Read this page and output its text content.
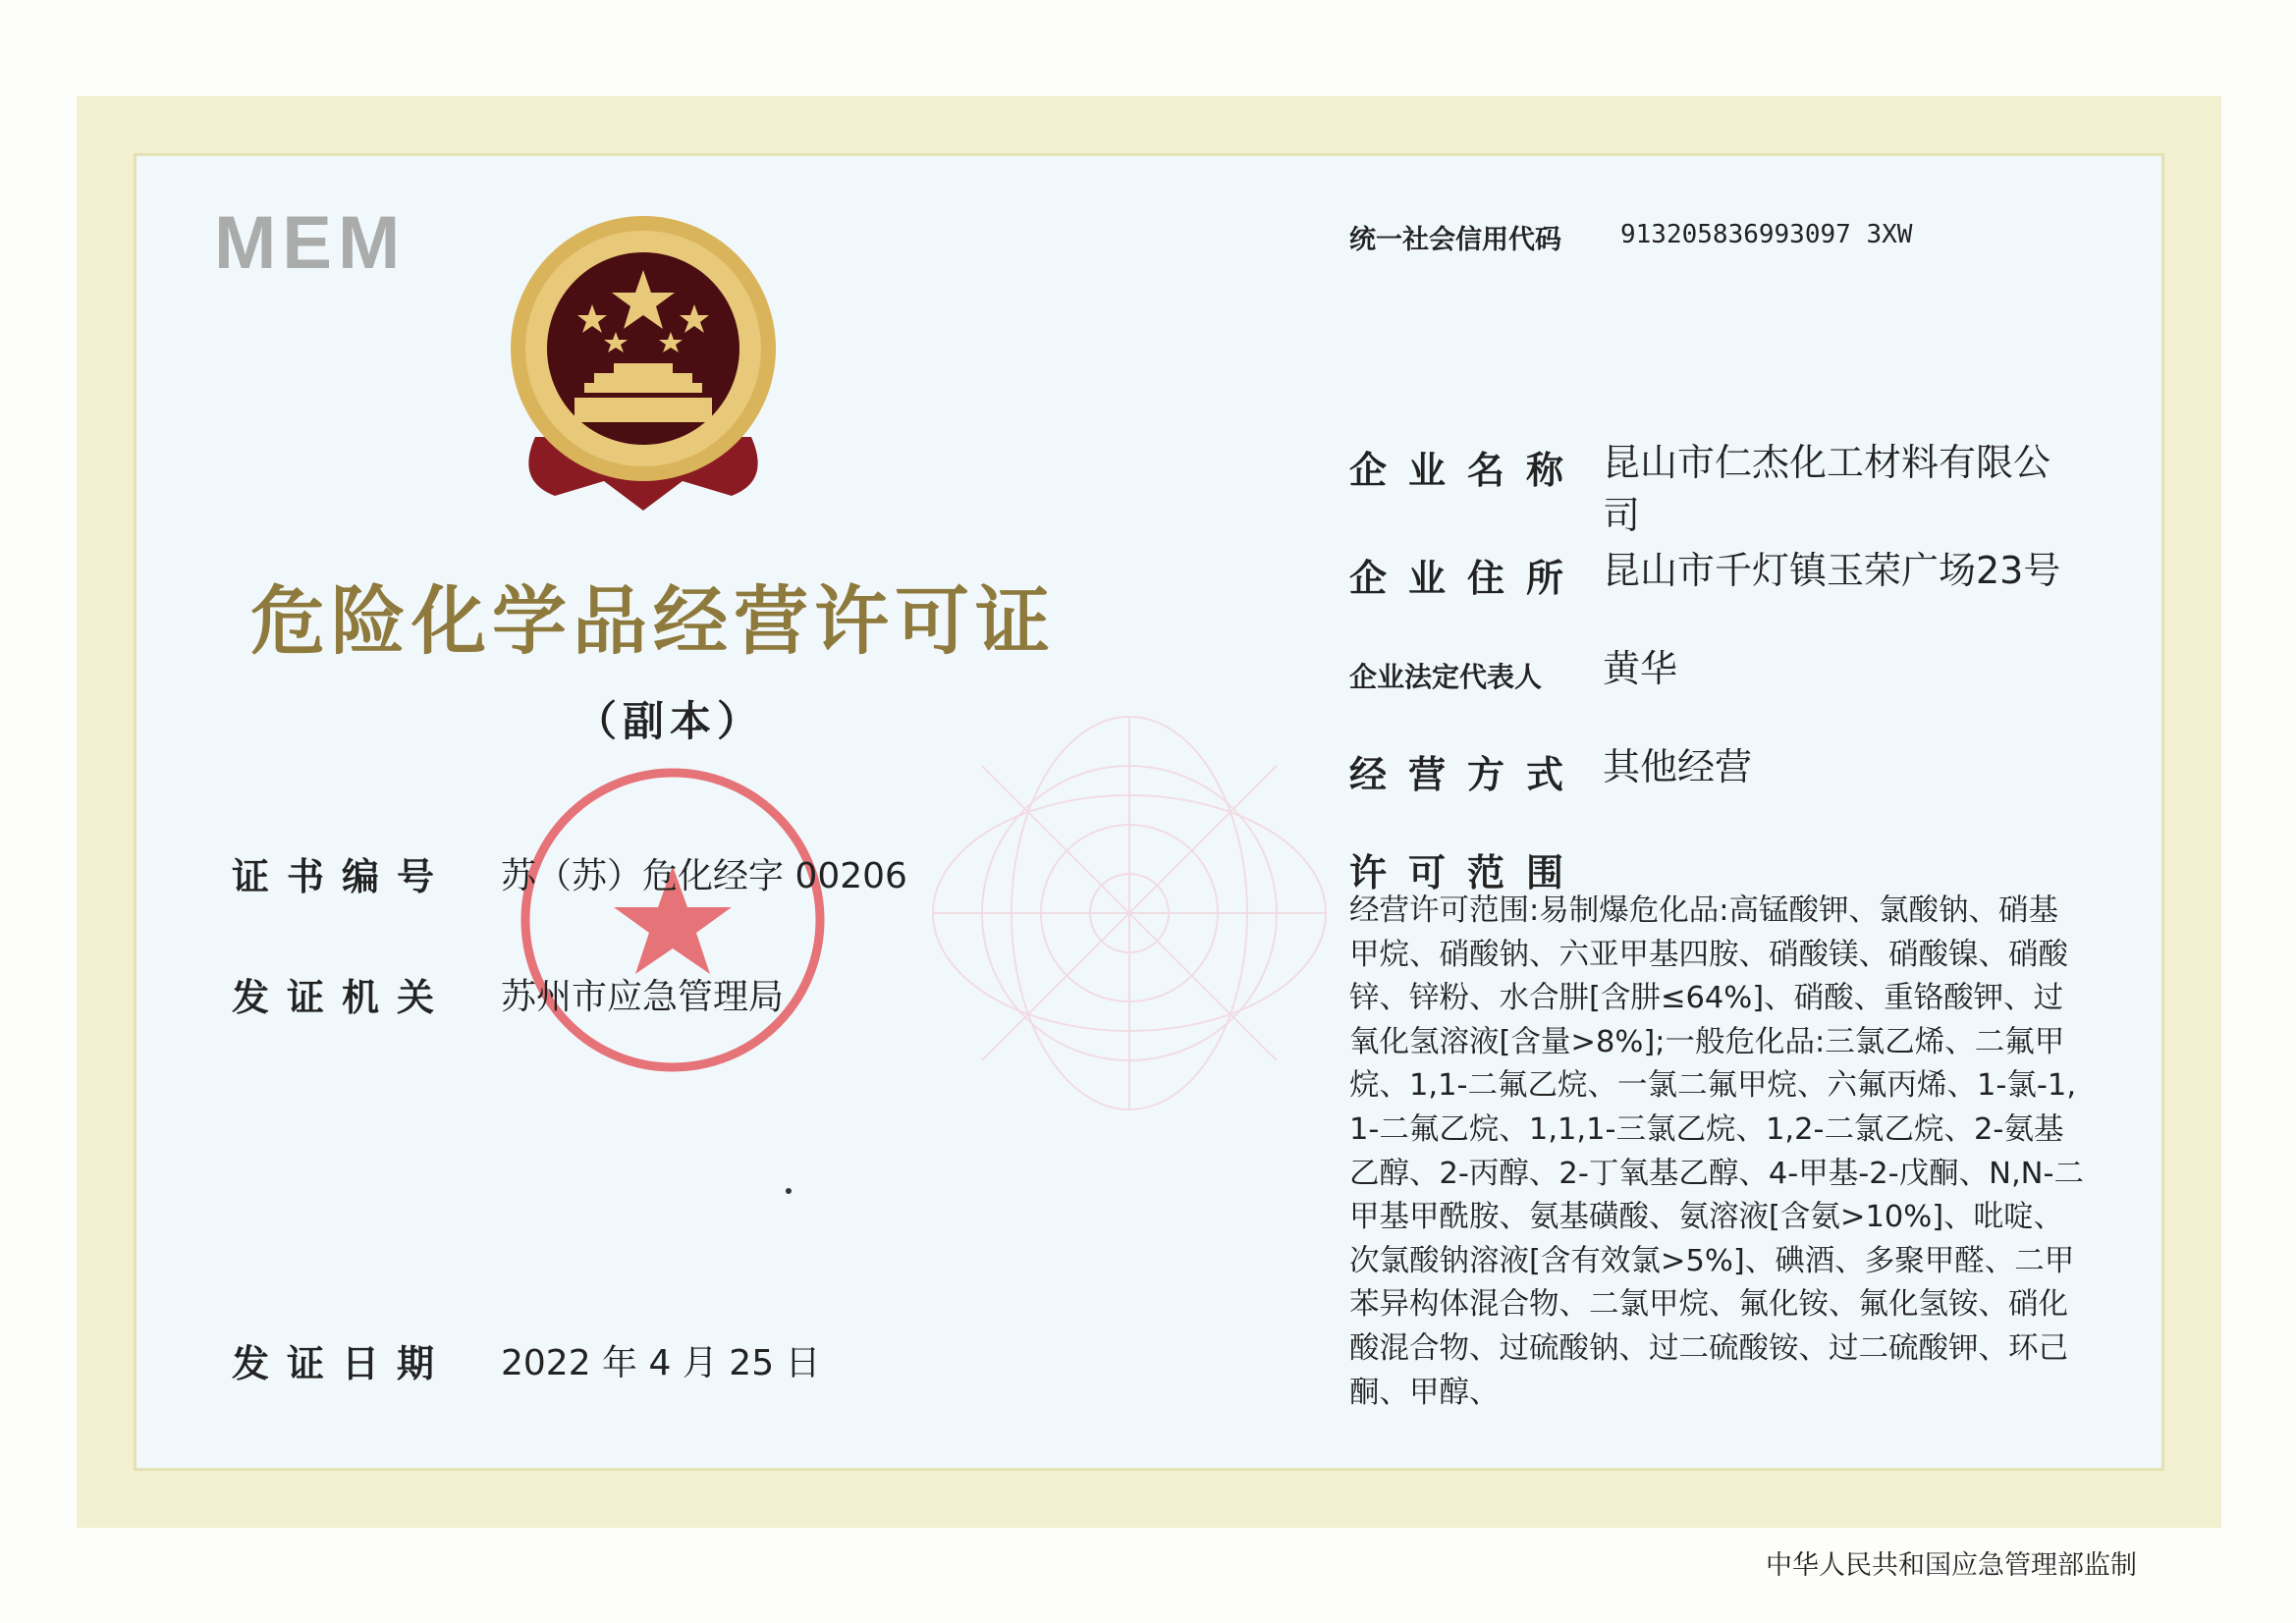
MEM
危险化学品经营许可证
（副本）
证书编号 苏（苏）危化经字 00206
发证机关 苏州市应急管理局
发证日期 2022 年 4 月 25 日
统一社会信用代码 913205836993097 3XW
企业名称 昆山市仁杰化工材料有限公
司
企业住所 昆山市千灯镇玉荣广场23号
企业法定代表人 黄华
经营方式 其他经营
许可范围
经营许可范围:易制爆危化品:高锰酸钾、氯酸钠、硝基甲烷、硝酸钠、六亚甲基四胺、硝酸镁、硝酸镍、硝酸锌、锌粉、水合肼[含肼≤64%]、硝酸、重铬酸钾、过氧化氢溶液[含量>8%];一般危化品:三氯乙烯、二氟甲烷、1,1-二氟乙烷、一氯二氟甲烷、六氟丙烯、1-氯-1,1-二氟乙烷、1,1,1-三氯乙烷、1,2-二氯乙烷、2-氨基乙醇、2-丙醇、2-丁氧基乙醇、4-甲基-2-戊酮、N,N-二甲基甲酰胺、氨基磺酸、氨溶液[含氨>10%]、吡啶、次氯酸钠溶液[含有效氯>5%]、碘酒、多聚甲醛、二甲苯异构体混合物、二氯甲烷、氟化铵、氟化氢铵、硝化酸混合物、过硫酸钠、过二硫酸铵、过二硫酸钾、环己酮、甲醇、
中华人民共和国应急管理部监制
